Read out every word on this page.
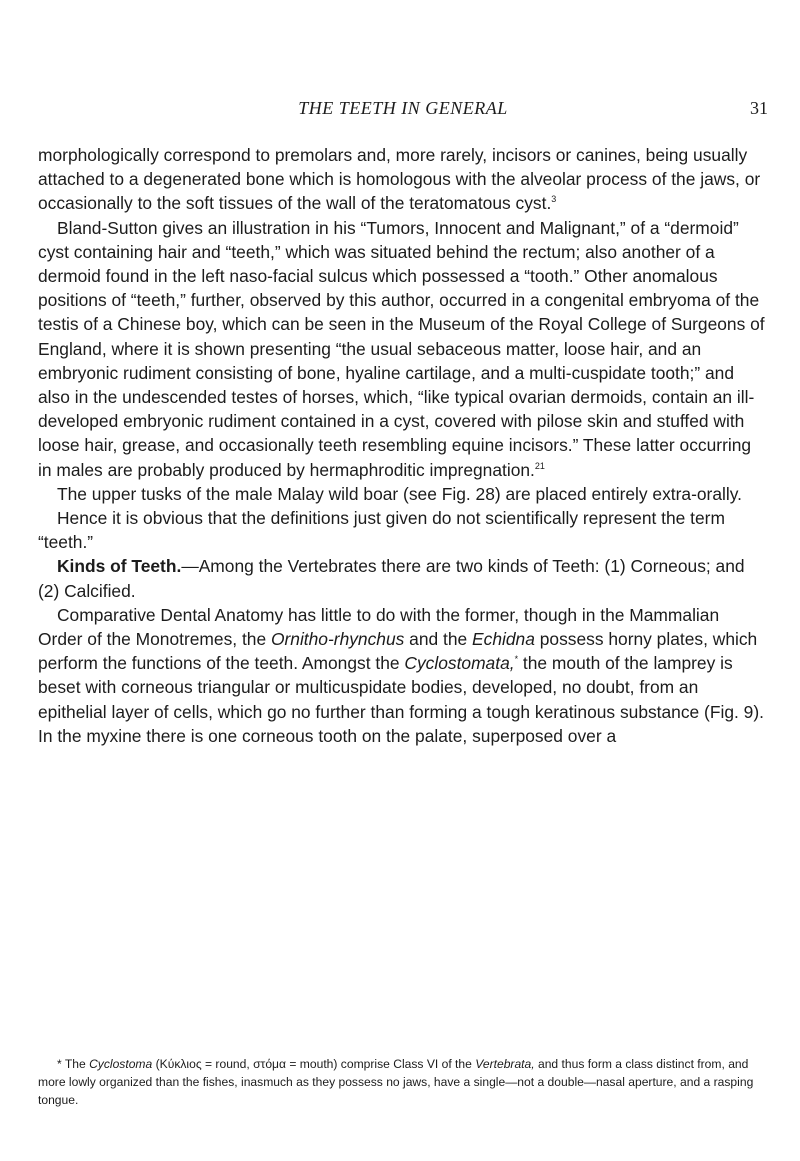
THE TEETH IN GENERAL	31

morphologically correspond to premolars and, more rarely, incisors or canines, being usually attached to a degenerated bone which is homologous with the alveolar process of the jaws, or occasionally to the soft tissues of the wall of the teratomatous cyst.$^3$

Bland-Sutton gives an illustration in his “Tumors, Innocent and Malignant,” of a “dermoid” cyst containing hair and “teeth,” which was situated behind the rectum; also another of a dermoid found in the left naso-facial sulcus which possessed a “tooth.” Other anomalous positions of “teeth,” further, observed by this author, occurred in a congenital embryoma of the testis of a Chinese boy, which can be seen in the Museum of the Royal College of Surgeons of England, where it is shown presenting “the usual sebaceous matter, loose hair, and an embryonic rudiment consisting of bone, hyaline cartilage, and a multi-cuspidate tooth;” and also in the undescended testes of horses, which, “like typical ovarian dermoids, contain an ill-developed embryonic rudiment contained in a cyst, covered with pilose skin and stuffed with loose hair, grease, and occasionally teeth resembling equine incisors.” These latter occurring in males are probably produced by hermaphroditic impregnation.$^{21}$

The upper tusks of the male Malay wild boar (see Fig. 28) are placed entirely extra-orally.

Hence it is obvious that the definitions just given do not scientifically represent the term “teeth.”

Kinds of Teeth.—Among the Vertebrates there are two kinds of Teeth: (1) Corneous; and (2) Calcified.

Comparative Dental Anatomy has little to do with the former, though in the Mammalian Order of the Monotremes, the Ornitho-rhynchus and the Echidna possess horny plates, which perform the functions of the teeth. Amongst the Cyclostomata,* the mouth of the lamprey is beset with corneous triangular or multicuspidate bodies, developed, no doubt, from an epithelial layer of cells, which go no further than forming a tough keratinous substance (Fig. 9). In the myxine there is one corneous tooth on the palate, superposed over a

* The Cyclostoma (Κύκλιος = round, στόμα = mouth) comprise Class VI of the Vertebrata, and thus form a class distinct from, and more lowly organized than the fishes, inasmuch as they possess no jaws, have a single—not a double—nasal aperture, and a rasping tongue.
